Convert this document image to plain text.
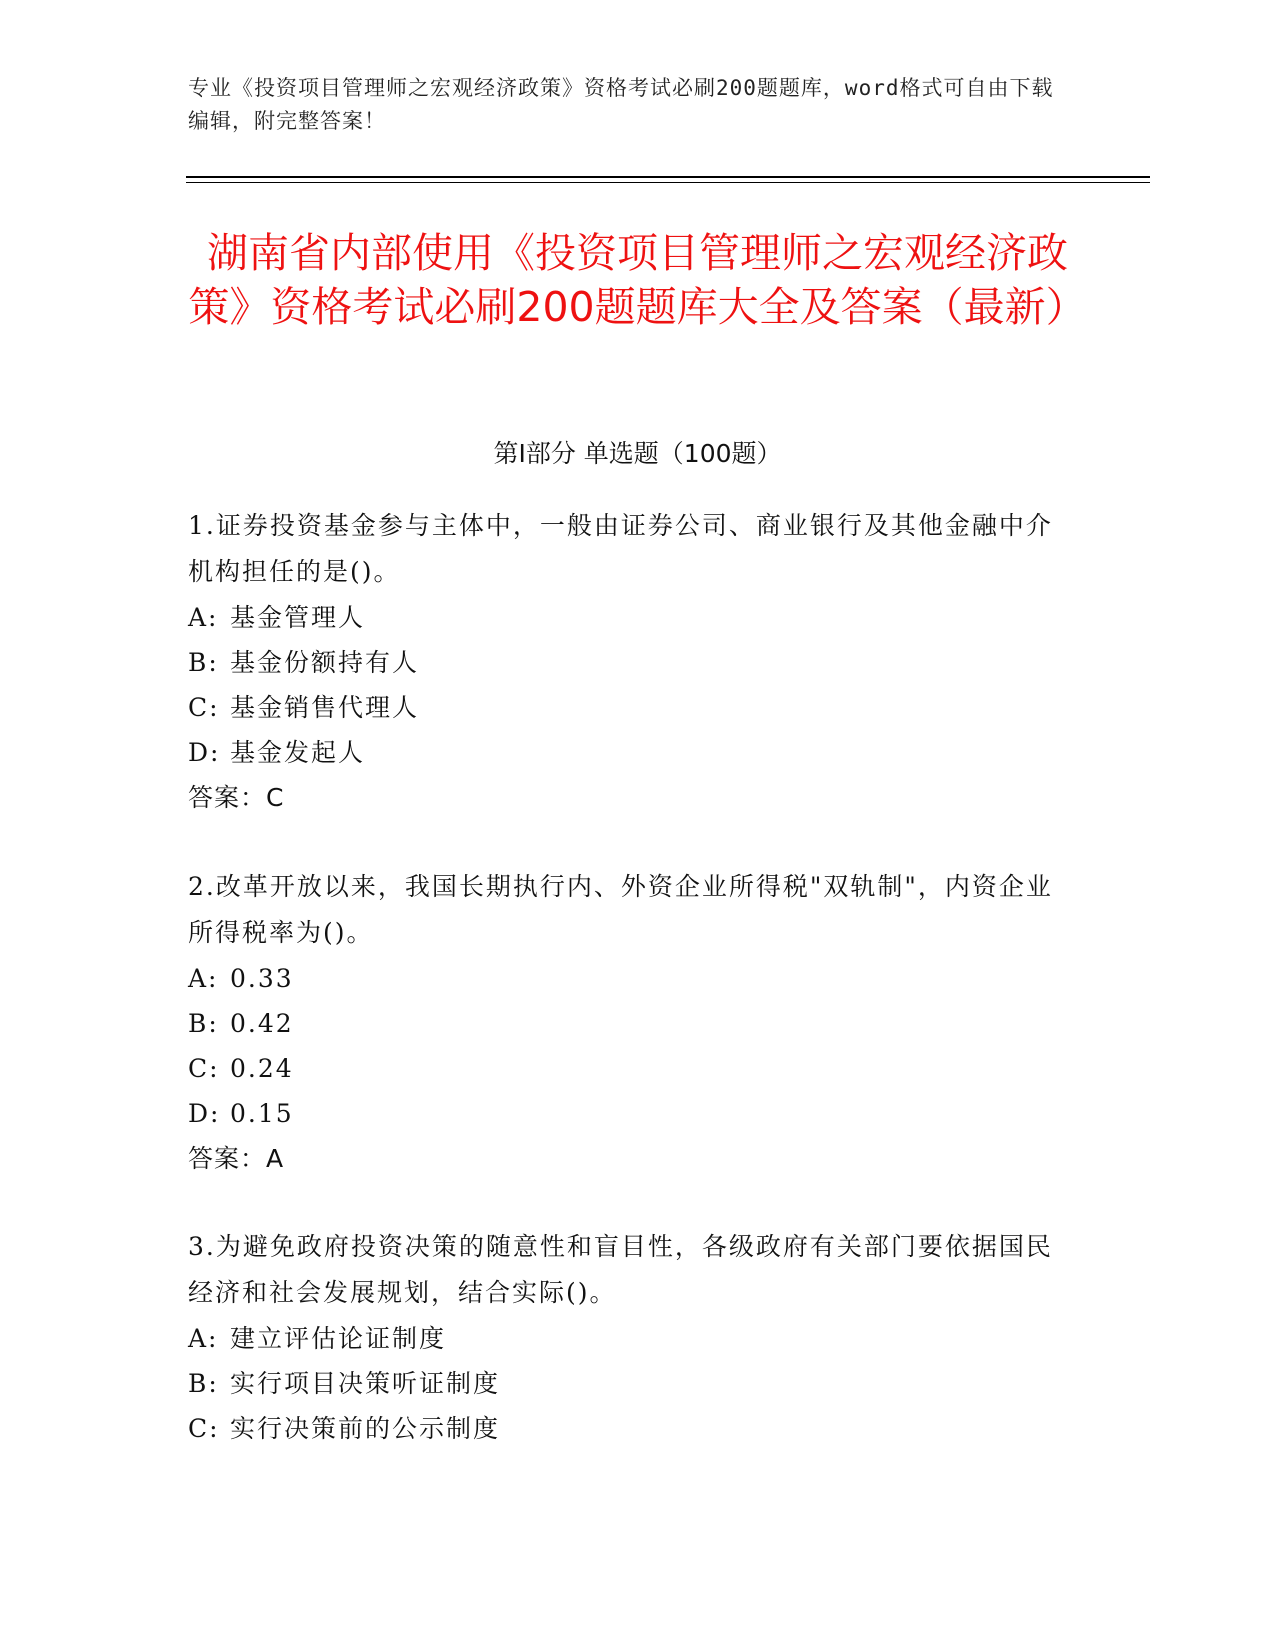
专业《投资项目管理师之宏观经济政策》资格考试必刷200题题库，word格式可自由下载编辑，附完整答案！
湖南省内部使用《投资项目管理师之宏观经济政策》资格考试必刷200题题库大全及答案（最新）
第Ⅰ部分 单选题（100题）

1.证券投资基金参与主体中，一般由证券公司、商业银行及其他金融中介机构担任的是()。

A: 基金管理人

B: 基金份额持有人

C: 基金销售代理人

D: 基金发起人

答案：C

2.改革开放以来，我国长期执行内、外资企业所得税"双轨制"，内资企业所得税率为()。

A: 0.33

B: 0.42

C: 0.24

D: 0.15

答案：A

3.为避免政府投资决策的随意性和盲目性，各级政府有关部门要依据国民经济和社会发展规划，结合实际()。

A: 建立评估论证制度

B: 实行项目决策听证制度

C: 实行决策前的公示制度
